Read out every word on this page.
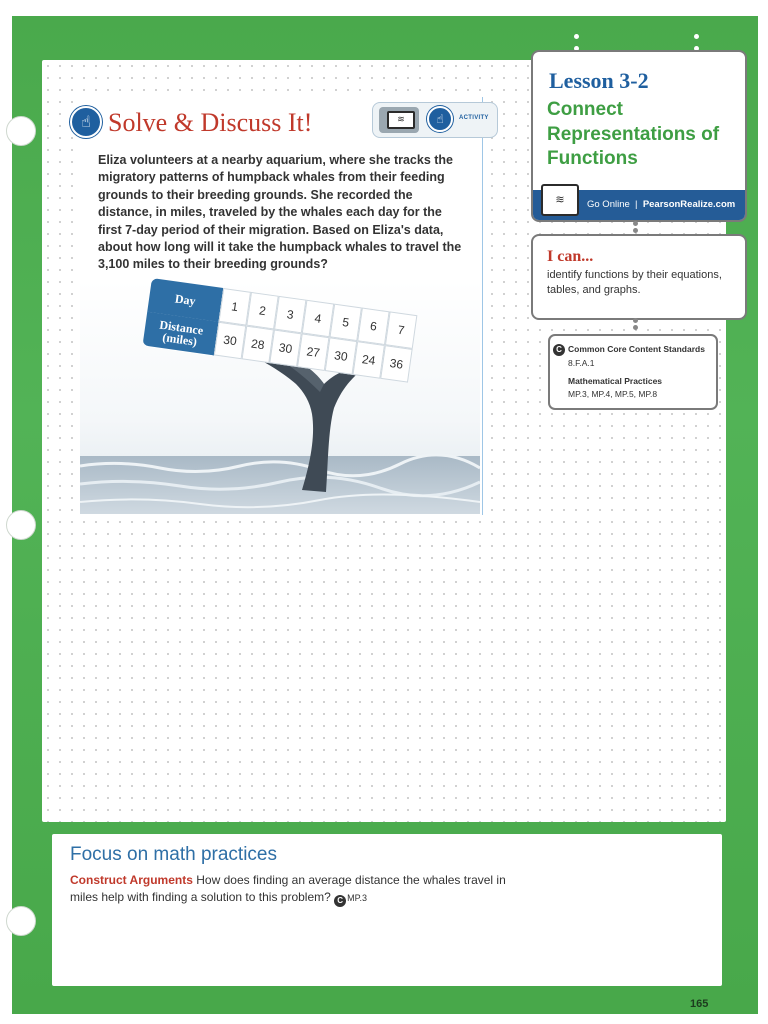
☝ Solve & Discuss It!	≋	☝	ACTIVITY
Eliza volunteers at a nearby aquarium, where she tracks the migratory patterns of humpback whales from their feeding grounds to their breeding grounds. She recorded the distance, in miles, traveled by the whales each day for the first 7-day period of their migration. Based on Eliza's data, about how long will it take the humpback whales to travel the 3,100 miles to their breeding grounds?
Day	1	2	3	4	5	6	7
Distance (miles)	30	28	30	27	30	24	36
Lesson 3-2
Connect Representations of Functions
≋	Go Online  |  PearsonRealize.com
I can...
identify functions by their equations, tables, and graphs.
C Common Core Content Standards
8.F.A.1
Mathematical Practices
MP.3, MP.4, MP.5, MP.8
Focus on math practices
Construct Arguments How does finding an average distance the whales travel in miles help with finding a solution to this problem? C MP.3
165
